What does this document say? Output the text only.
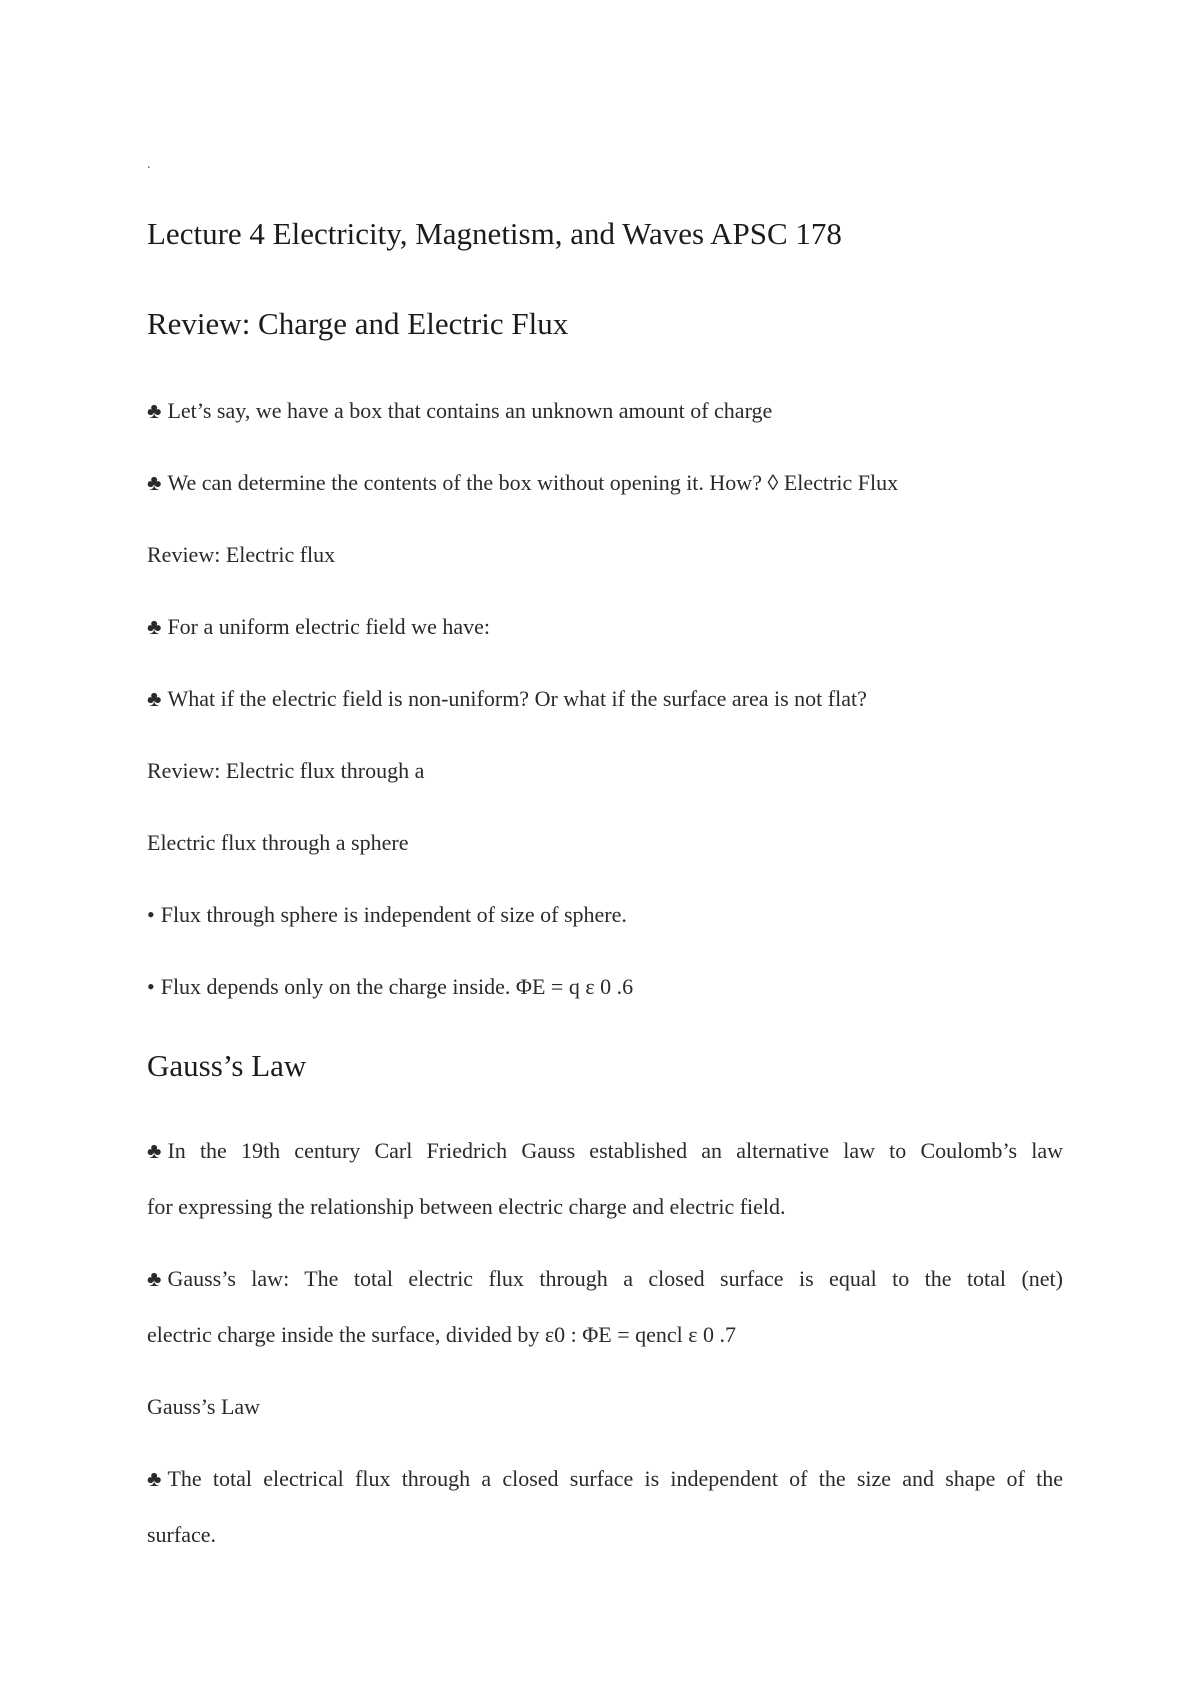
.
Lecture 4 Electricity, Magnetism, and Waves APSC 178
Review: Charge and Electric Flux
♣ Let’s say, we have a box that contains an unknown amount of charge
♣ We can determine the contents of the box without opening it. How? ◊ Electric Flux
Review: Electric flux
♣ For a uniform electric field we have:
♣ What if the electric field is non-uniform? Or what if the surface area is not flat?
Review: Electric flux through a
Electric flux through a sphere
• Flux through sphere is independent of size of sphere.
• Flux depends only on the charge inside. ΦE = q ε 0 .6
Gauss’s Law
♣ In the 19th century Carl Friedrich Gauss established an alternative law to Coulomb’s law
for expressing the relationship between electric charge and electric field.
♣ Gauss’s law: The total electric flux through a closed surface is equal to the total (net)
electric charge inside the surface, divided by ε0 : ΦE = qencl ε 0 .7
Gauss’s Law
♣ The total electrical flux through a closed surface is independent of the size and shape of the
surface.
